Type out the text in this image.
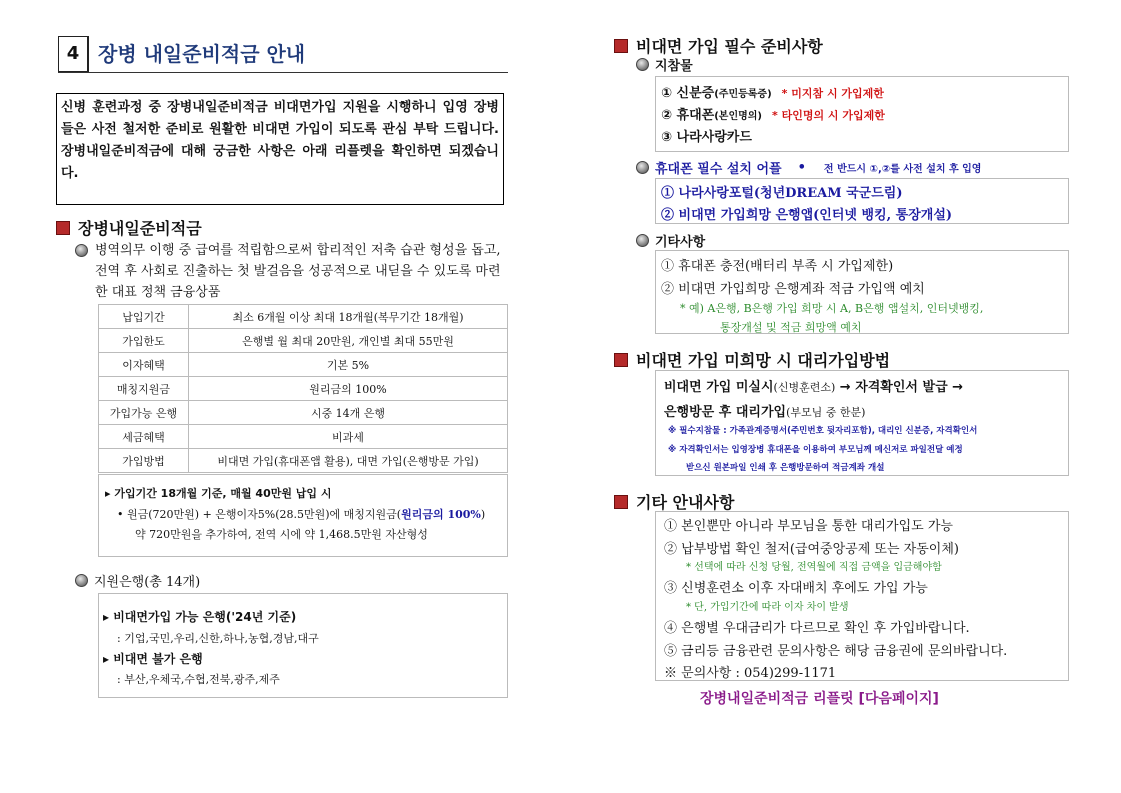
4 장병 내일준비적금 안내
신병 훈련과정 중 장병내일준비적금 비대면가입 지원을 시행하니 입영 장병들은 사전 철저한 준비로 원활한 비대면 가입이 되도록 관심 부탁 드립니다. 장병내일준비적금에 대해 궁금한 사항은 아래 리플렛을 확인하면 되겠습니다.
장병내일준비적금
병역의무 이행 중 급여를 적립함으로써 합리적인 저축 습관 형성을 돕고, 전역 후 사회로 진출하는 첫 발걸음을 성공적으로 내딛을 수 있도록 마련한 대표 정책 금융상품
납입기간	최소 6개월 이상 최대 18개월(복무기간 18개월)
가입한도	은행별 월 최대 20만원, 개인별 최대 55만원
이자혜택	기본 5%
매칭지원금	원리금의 100%
가입가능 은행	시중 14개 은행
세금혜택	비과세
가입방법	비대면 가입(휴대폰앱 활용), 대면 가입(은행방문 가입)
▸ 가입기간 18개월 기준, 매월 40만원 납입 시
• 원금(720만원) + 은행이자5%(28.5만원)에 매칭지원금(원리금의 100%)
약 720만원을 추가하여, 전역 시에 약 1,468.5만원 자산형성
지원은행(총 14개)
▸ 비대면가입 가능 은행('24년 기준)
: 기업,국민,우리,신한,하나,농협,경남,대구
▸ 비대면 불가 은행
: 부산,우체국,수협,전북,광주,제주
비대면 가입 필수 준비사항
지참물
① 신분증(주민등록증) * 미지참 시 가입제한
② 휴대폰(본인명의) * 타인명의 시 가입제한
③ 나라사랑카드
휴대폰 필수 설치 어플 • 전 반드시 ①,②를 사전 설치 후 입영
① 나라사랑포털(청년DREAM 국군드림)
② 비대면 가입희망 은행앱(인터넷 뱅킹, 통장개설)
기타사항
① 휴대폰 충전(배터리 부족 시 가입제한)
② 비대면 가입희망 은행계좌 적금 가입액 예치
* 예) A은행, B은행 가입 희망 시 A, B은행 앱설치, 인터넷뱅킹,
통장개설 및 적금 희망액 예치
비대면 가입 미희망 시 대리가입방법
비대면 가입 미실시(신병훈련소) → 자격확인서 발급 →
은행방문 후 대리가입(부모님 중 한분)
※ 필수지참물 : 가족관계증명서(주민번호 뒷자리포함), 대리인 신분증, 자격확인서
※ 자격확인서는 입영장병 휴대폰을 이용하여 부모님께 메신저로 파일전달 예정
받으신 원본파일 인쇄 후 은행방문하여 적금계좌 개설
기타 안내사항
① 본인뿐만 아니라 부모님을 통한 대리가입도 가능
② 납부방법 확인 철저(급여중앙공제 또는 자동이체)
* 선택에 따라 신청 당월, 전역월에 직접 금액을 입금해야함
③ 신병훈련소 이후 자대배치 후에도 가입 가능
* 단, 가입기간에 따라 이자 차이 발생
④ 은행별 우대금리가 다르므로 확인 후 가입바랍니다.
⑤ 금리등 금융관련 문의사항은 해당 금융권에 문의바랍니다.
※ 문의사항 : 054)299-1171
장병내일준비적금 리플릿 [다음페이지]
